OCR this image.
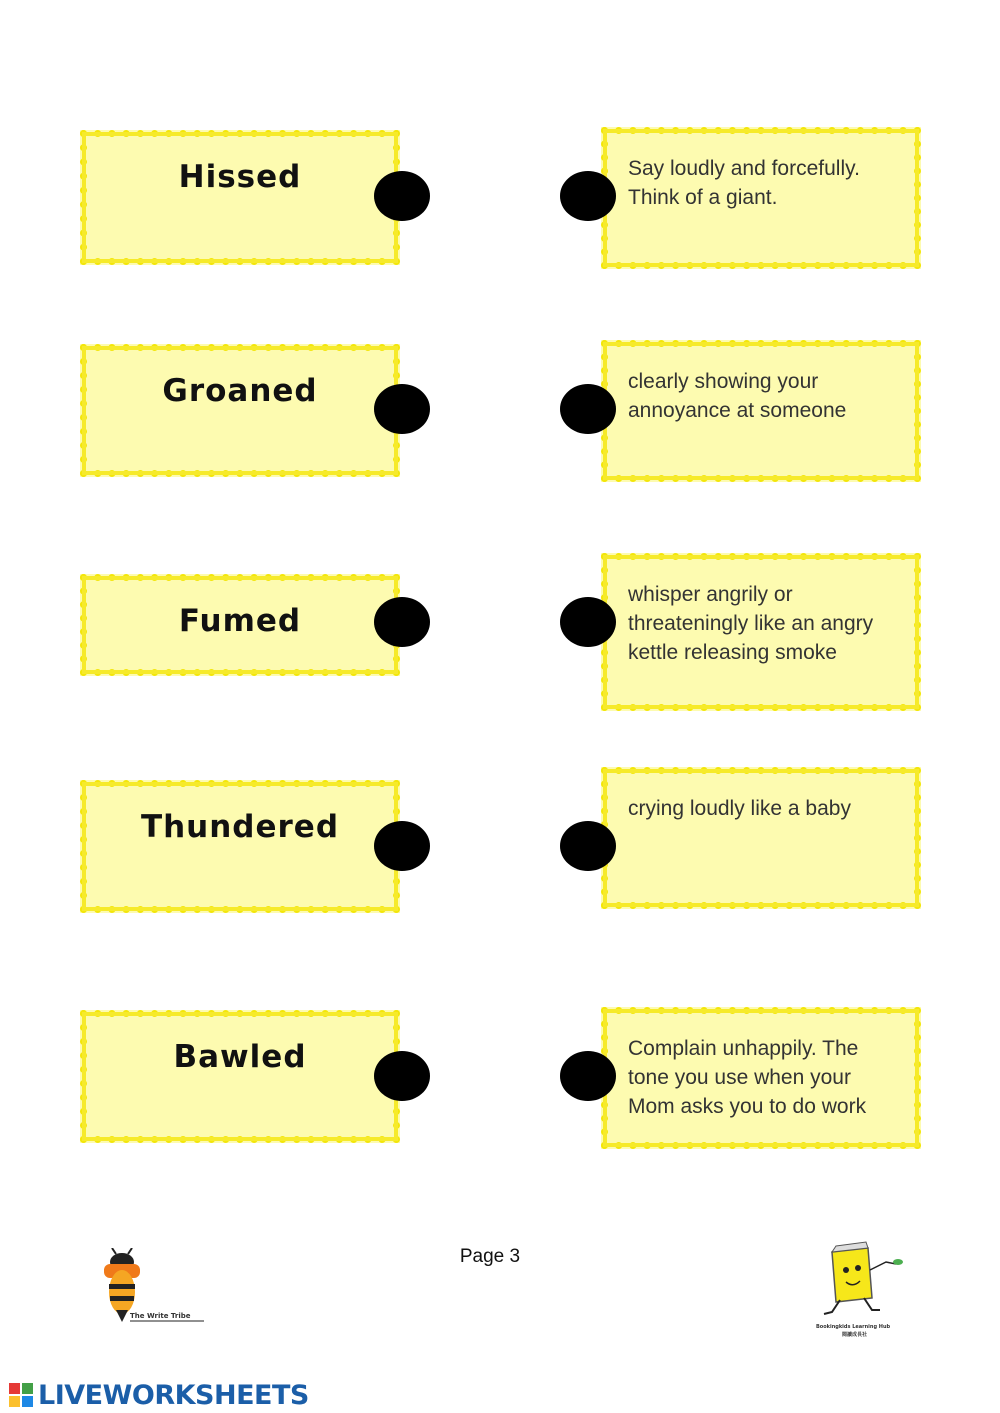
Hissed
Groaned
Fumed
Thundered
Bawled
Say loudly and forcefully. Think of a giant.
clearly showing your annoyance at someone
whisper angrily or threateningly like an angry kettle releasing smoke
crying loudly like a baby
Complain unhappily. The tone you use when your Mom asks you to do work
Page 3
The Write Tribe
Bookingkids Learning Hub
閱讀成長社
LIVEWORKSHEETS
